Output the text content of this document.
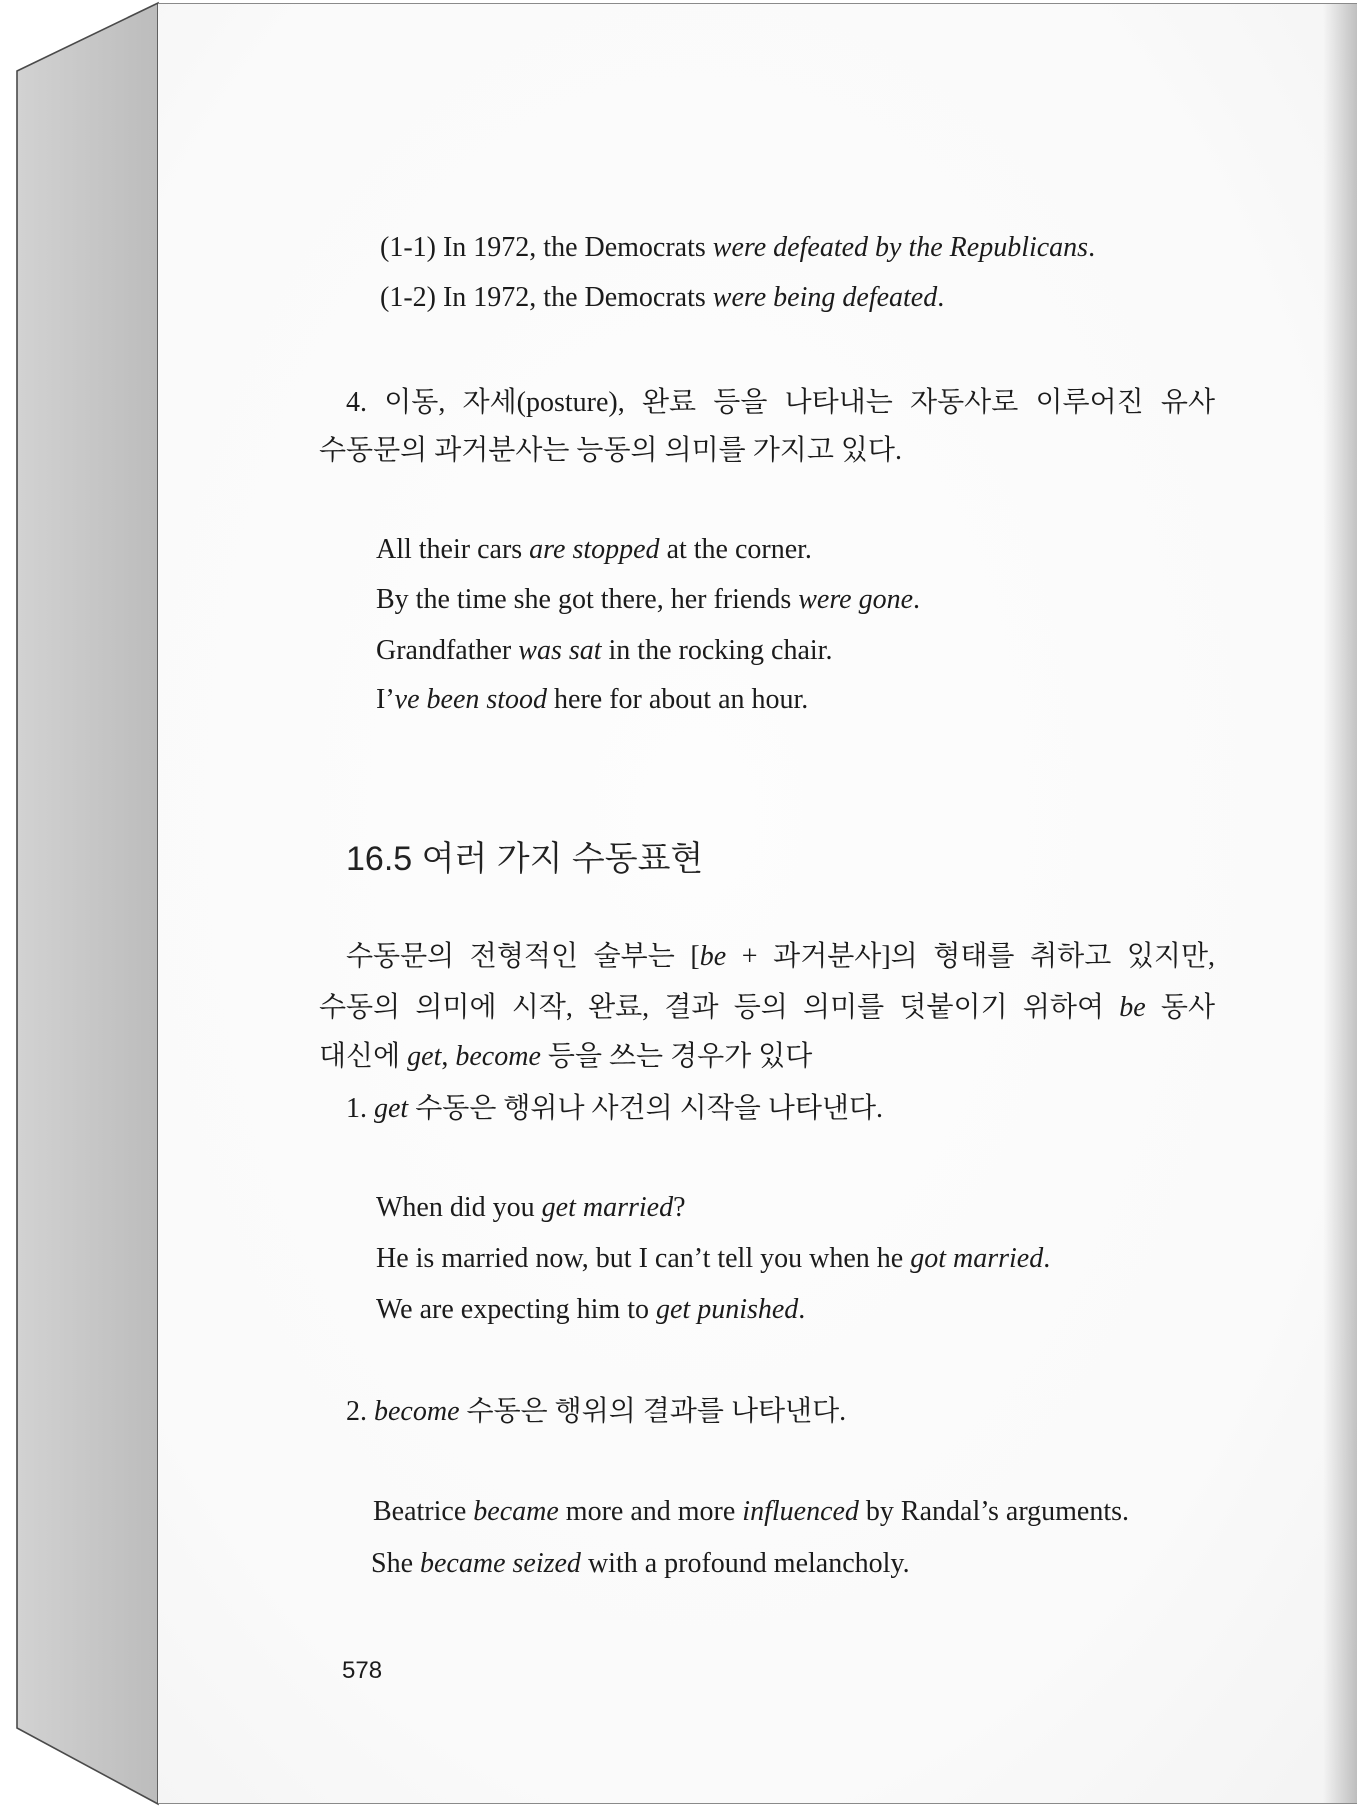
(1-1) In 1972, the Democrats were defeated by the Republicans.
(1-2) In 1972, the Democrats were being defeated.
4. 이동, 자세(posture), 완료 등을 나타내는 자동사로 이루어진 유사
수동문의 과거분사는 능동의 의미를 가지고 있다.
All their cars are stopped at the corner.
By the time she got there, her friends were gone.
Grandfather was sat in the rocking chair.
I’ve been stood here for about an hour.
16.5 여러 가지 수동표현
수동문의 전형적인 술부는 [be + 과거분사]의 형태를 취하고 있지만,
수동의 의미에 시작, 완료, 결과 등의 의미를 덧붙이기 위하여 be 동사
대신에 get, become 등을 쓰는 경우가 있다
1. get 수동은 행위나 사건의 시작을 나타낸다.
When did you get married?
He is married now, but I can’t tell you when he got married.
We are expecting him to get punished.
2. become 수동은 행위의 결과를 나타낸다.
Beatrice became more and more influenced by Randal’s arguments.
She became seized with a profound melancholy.
578
